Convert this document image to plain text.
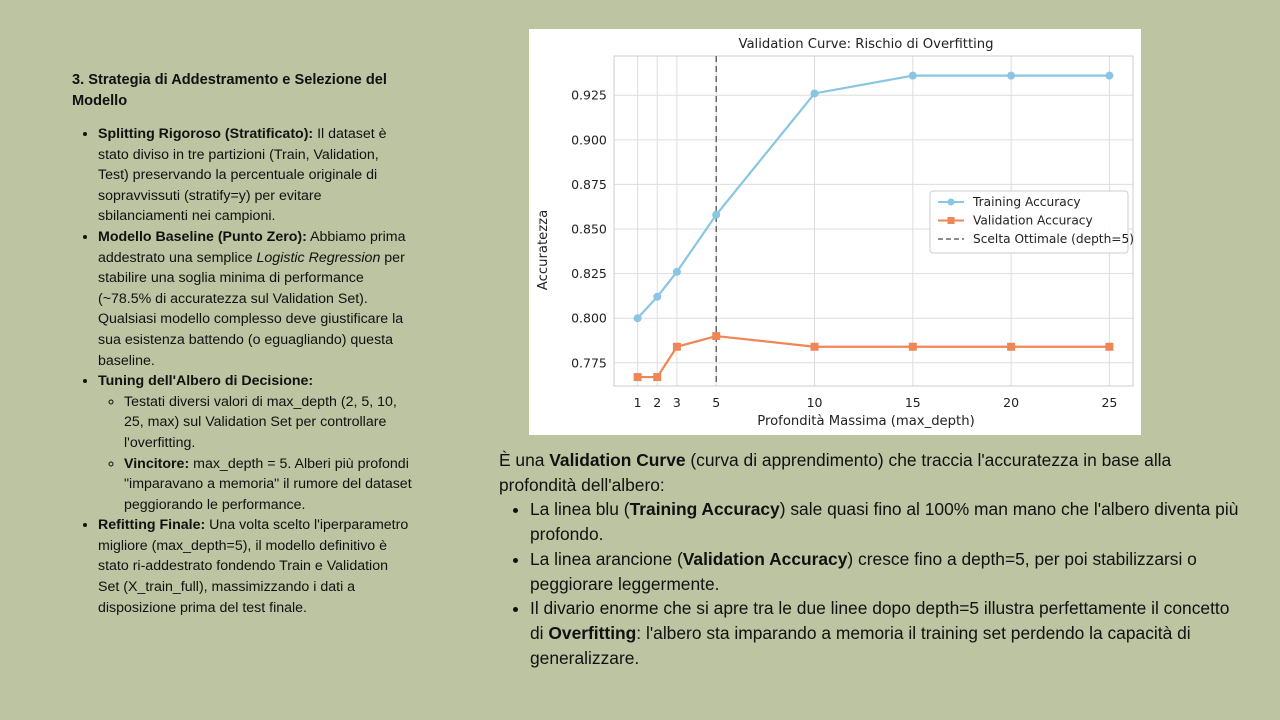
3. Strategia di Addestramento e Selezione del Modello
• Splitting Rigoroso (Stratificato): Il dataset è stato diviso in tre partizioni (Train, Validation, Test) preservando la percentuale originale di sopravvissuti (stratify=y) per evitare sbilanciamenti nei campioni.
• Modello Baseline (Punto Zero): Abbiamo prima addestrato una semplice Logistic Regression per stabilire una soglia minima di performance (~78.5% di accuratezza sul Validation Set). Qualsiasi modello complesso deve giustificare la sua esistenza battendo (o eguagliando) questa baseline.
• Tuning dell'Albero di Decisione:
◦ Testati diversi valori di max_depth (2, 5, 10, 25, max) sul Validation Set per controllare l'overfitting.
◦ Vincitore: max_depth = 5. Alberi più profondi "imparavano a memoria" il rumore del dataset peggiorando le performance.
• Refitting Finale: Una volta scelto l'iperparametro migliore (max_depth=5), il modello definitivo è stato ri-addestrato fondendo Train e Validation Set (X_train_full), massimizzando i dati a disposizione prima del test finale.
Validation Curve: Rischio di Overfitting
Profondità Massima (max_depth)
Accuratezza
1 2 3	5	10	15	20	25
0.775
0.800
0.825
0.850
0.875
0.900
0.925
Training Accuracy
Validation Accuracy
Scelta Ottimale (depth=5)

È una Validation Curve (curva di apprendimento) che traccia l'accuratezza in base alla profondità dell'albero:

• La linea blu (Training Accuracy) sale quasi fino al 100% man mano che l'albero diventa più profondo.
• La linea arancione (Validation Accuracy) cresce fino a depth=5, per poi stabilizzarsi o peggiorare leggermente.
• Il divario enorme che si apre tra le due linee dopo depth=5 illustra perfettamente il concetto di Overfitting: l'albero sta imparando a memoria il training set perdendo la capacità di generalizzare.
